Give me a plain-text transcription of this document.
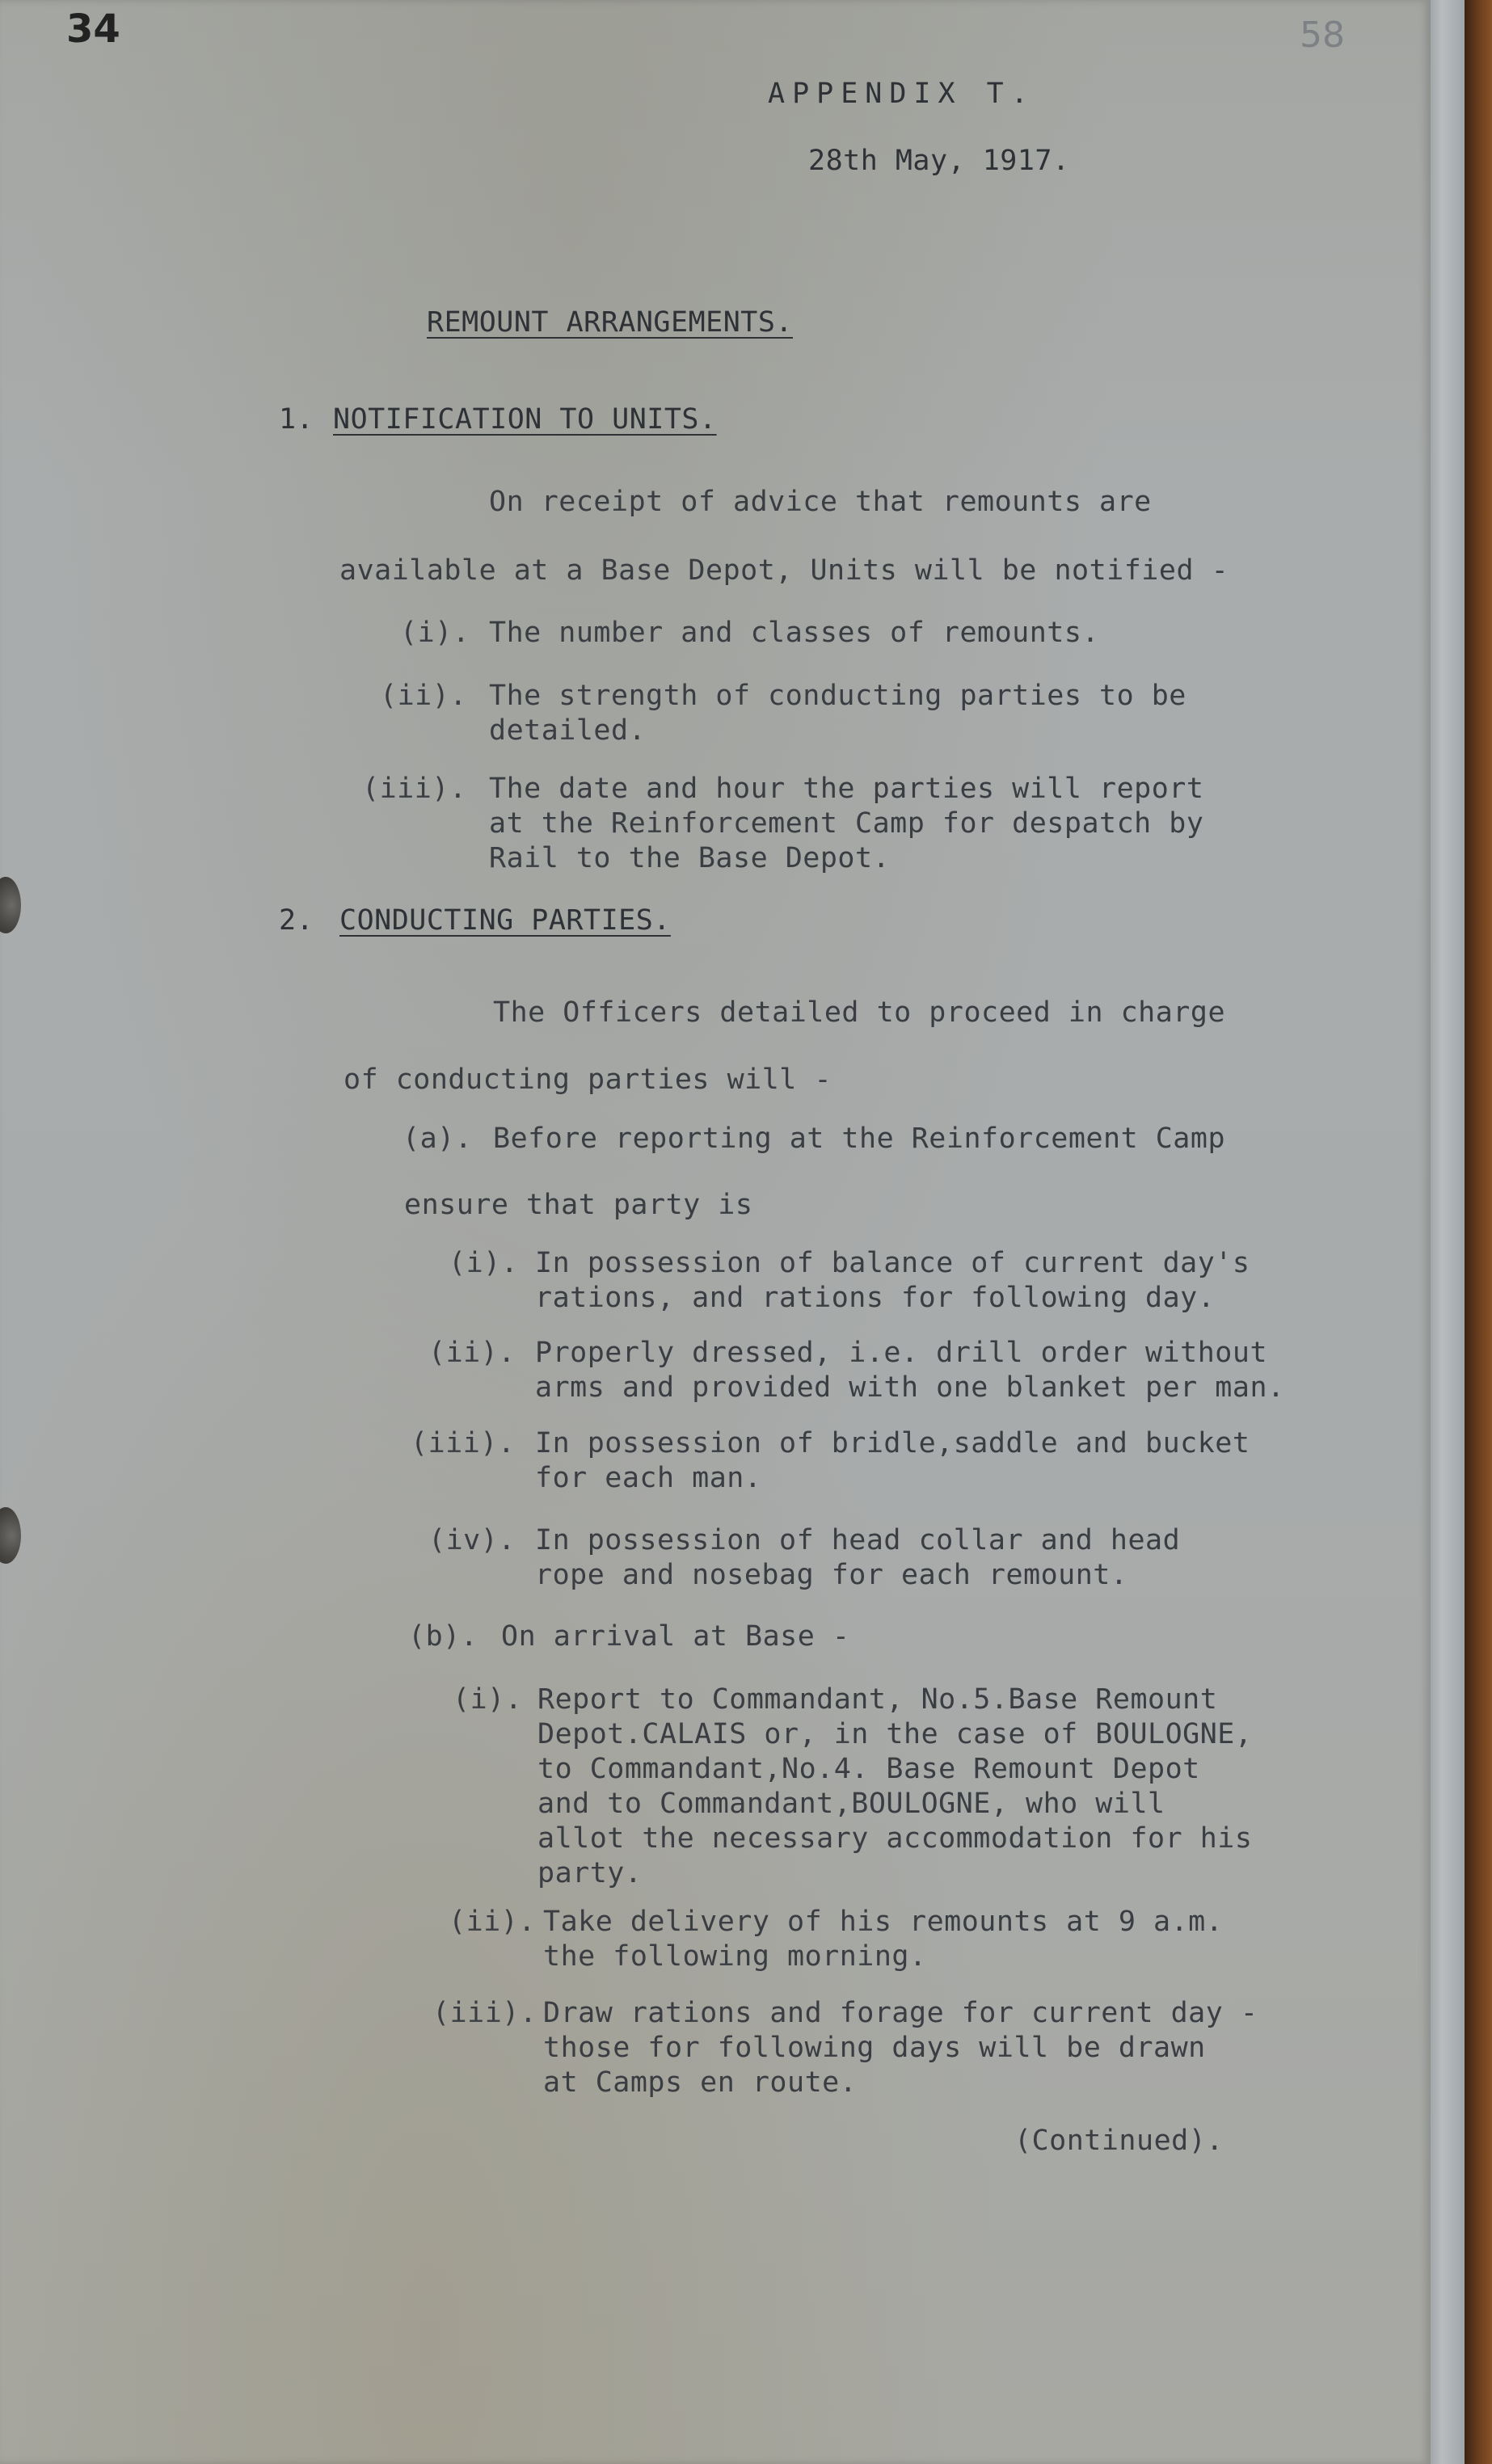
34	58

APPENDIX T.

28th May, 1917.

REMOUNT ARRANGEMENTS.

1. NOTIFICATION TO UNITS.

On receipt of advice that remounts are

available at a Base Depot, Units will be notified -

(i). The number and classes of remounts.

(ii). The strength of conducting parties to be
detailed.

(iii). The date and hour the parties will report
at the Reinforcement Camp for despatch by
Rail to the Base Depot.

2. CONDUCTING PARTIES.

The Officers detailed to proceed in charge

of conducting parties will -

(a). Before reporting at the Reinforcement Camp

ensure that party is

(i). In possession of balance of current day's
rations, and rations for following day.

(ii). Properly dressed, i.e. drill order without
arms and provided with one blanket per man.

(iii). In possession of bridle,saddle and bucket
for each man.

(iv). In possession of head collar and head
rope and nosebag for each remount.

(b). On arrival at Base -

(i). Report to Commandant, No.5.Base Remount
Depot.CALAIS or, in the case of BOULOGNE,
to Commandant,No.4. Base Remount Depot
and to Commandant,BOULOGNE, who will
allot the necessary accommodation for his
party.

(ii). Take delivery of his remounts at 9 a.m.
the following morning.

(iii). Draw rations and forage for current day -
those for following days will be drawn
at Camps en route.

(Continued).
